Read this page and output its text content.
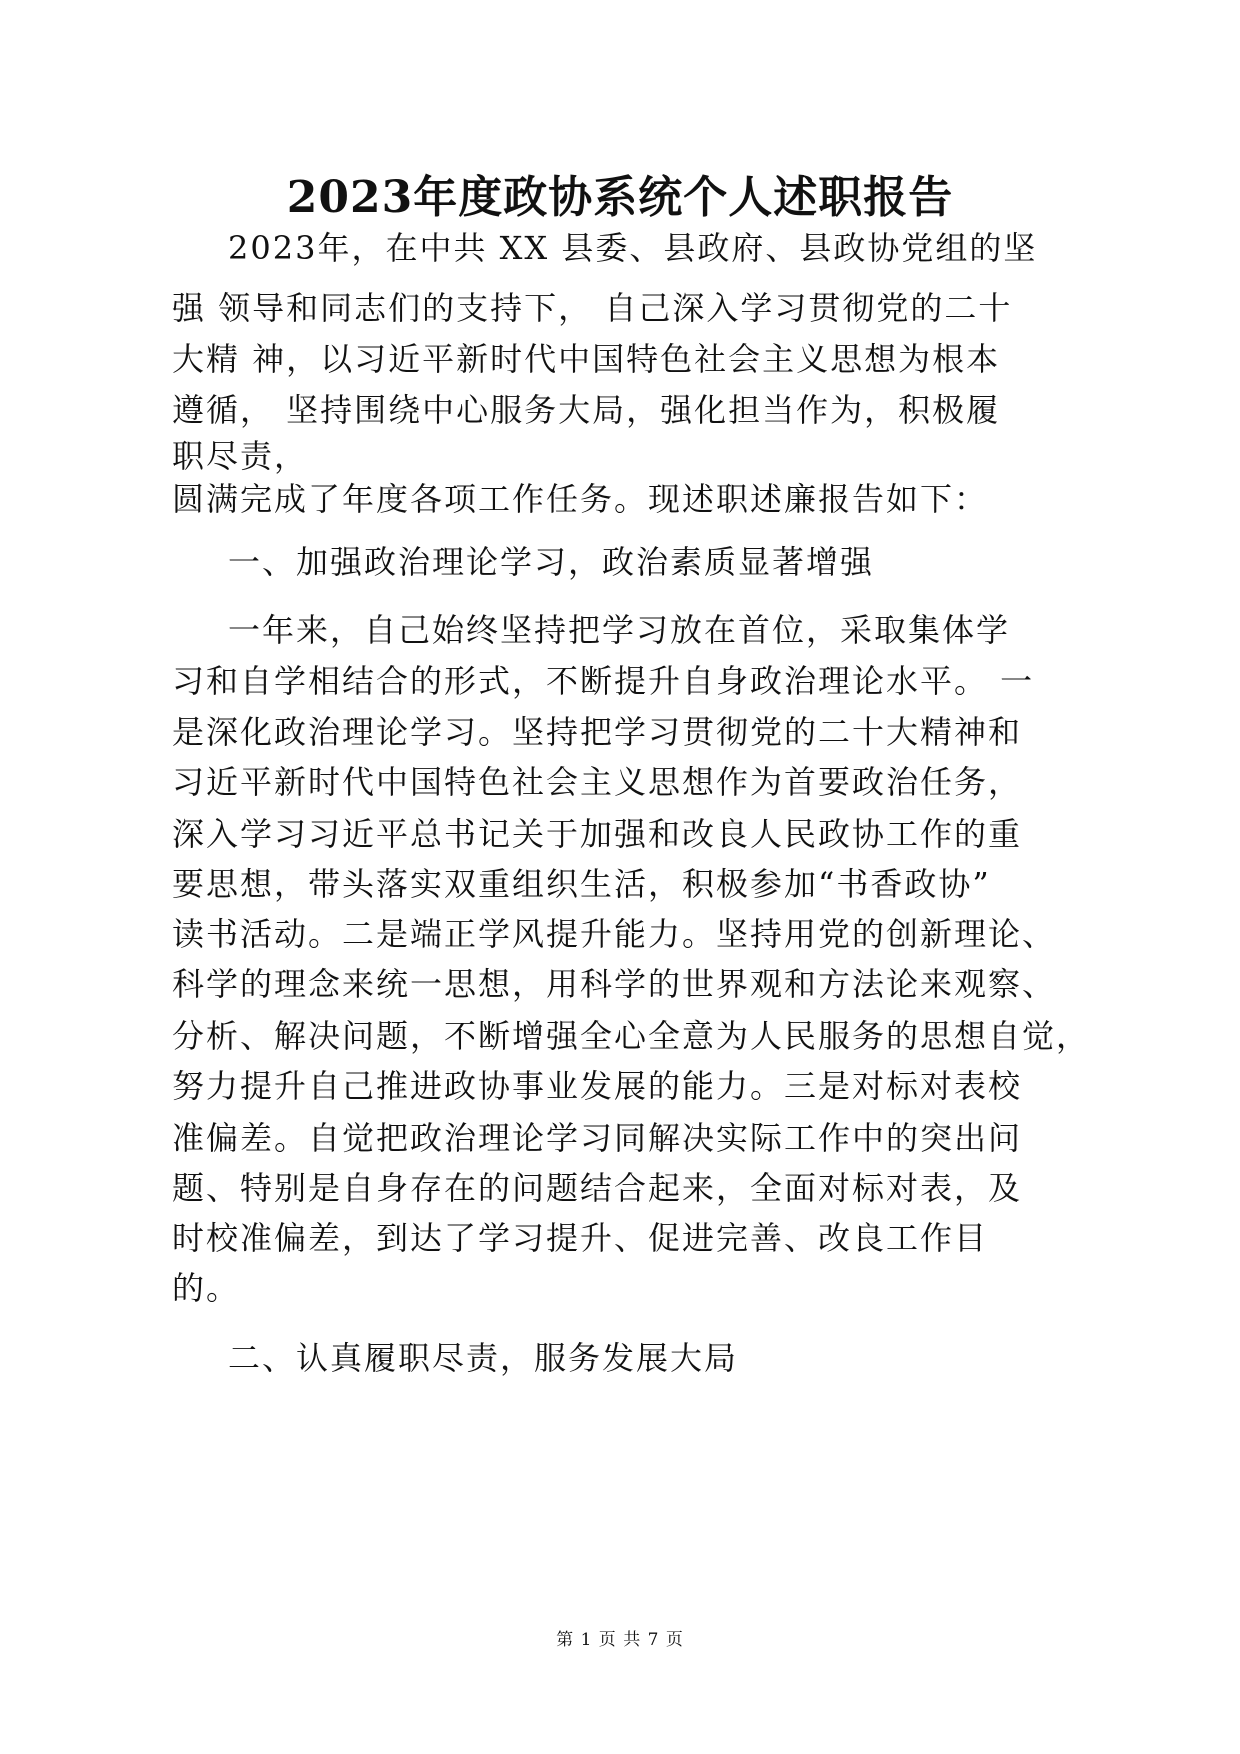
2023年度政协系统个人述职报告
2023年，在中共 XX 县委、县政府、县政协党组的坚
强 领导和同志们的支持下， 自己深入学习贯彻党的二十
大精 神，以习近平新时代中国特色社会主义思想为根本
遵循， 坚持围绕中心服务大局，强化担当作为，积极履
职尽责，
圆满完成了年度各项工作任务。现述职述廉报告如下：
一、加强政治理论学习，政治素质显著增强
一年来，自己始终坚持把学习放在首位，采取集体学
习和自学相结合的形式，不断提升自身政治理论水平。 一
是深化政治理论学习。坚持把学习贯彻党的二十大精神和
习近平新时代中国特色社会主义思想作为首要政治任务，
深入学习习近平总书记关于加强和改良人民政协工作的重
要思想，带头落实双重组织生活，积极参加“书香政协”
读书活动。二是端正学风提升能力。坚持用党的创新理论、
科学的理念来统一思想，用科学的世界观和方法论来观察、
分析、解决问题，不断增强全心全意为人民服务的思想自觉，
努力提升自己推进政协事业发展的能力。三是对标对表校
准偏差。自觉把政治理论学习同解决实际工作中的突出问
题、特别是自身存在的问题结合起来，全面对标对表，及
时校准偏差，到达了学习提升、促进完善、改良工作目
的。
二、认真履职尽责，服务发展大局
第 1 页 共 7 页
